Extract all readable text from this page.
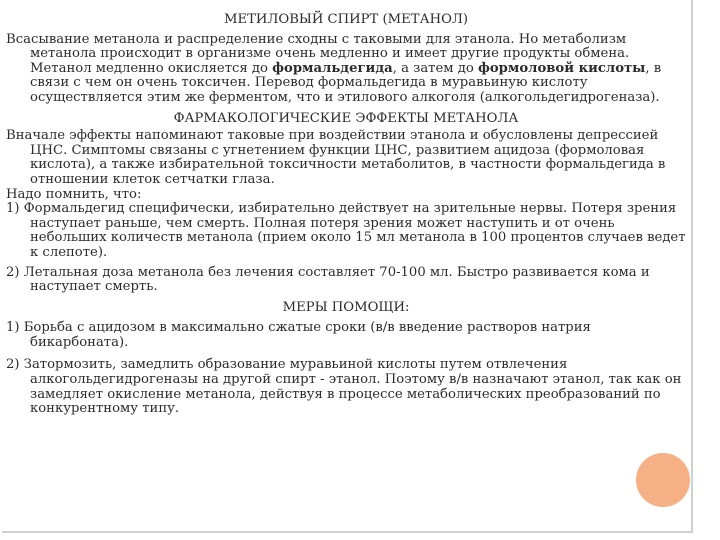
МЕТИЛОВЫЙ СПИРТ (МЕТАНОЛ)

Всасывание метанола и распределение сходны с таковыми для этанола. Но метаболизм метанола происходит в организме очень медленно и имеет другие продукты обмена. Метанол медленно окисляется до формальдегида, а затем до формоловой кислоты, в связи с чем он очень токсичен. Перевод формальдегида в муравьиную кислоту осуществляется этим же ферментом, что и этилового алкоголя (алкогольдегидрогеназа).

ФАРМАКОЛОГИЧЕСКИЕ ЭФФЕКТЫ МЕТАНОЛА

Вначале эффекты напоминают таковые при воздействии этанола и обусловлены депрессией ЦНС. Симптомы связаны с угнетением функции ЦНС, развитием ацидоза (формоловая кислота), а также избирательной токсичности метаболитов, в частности формальдегида в отношении клеток сетчатки глаза.

Надо помнить, что:

1) Формальдегид специфически, избирательно действует на зрительные нервы. Потеря зрения наступает раньше, чем смерть. Полная потеря зрения может наступить и от очень небольших количеств метанола (прием около 15 мл метанола в 100 процентов случаев ведет к слепоте).

2) Летальная доза метанола без лечения составляет 70-100 мл. Быстро развивается кома и наступает смерть.

МЕРЫ ПОМОЩИ:

1) Борьба с ацидозом в максимально сжатые сроки (в/в введение растворов натрия бикарбоната).

2) Затормозить, замедлить образование муравьиной кислоты путем отвлечения алкогольдегидрогеназы на другой спирт - этанол. Поэтому в/в назначают этанол, так как он замедляет окисление метанола, действуя в процессе метаболических преобразований по конкурентному типу.
